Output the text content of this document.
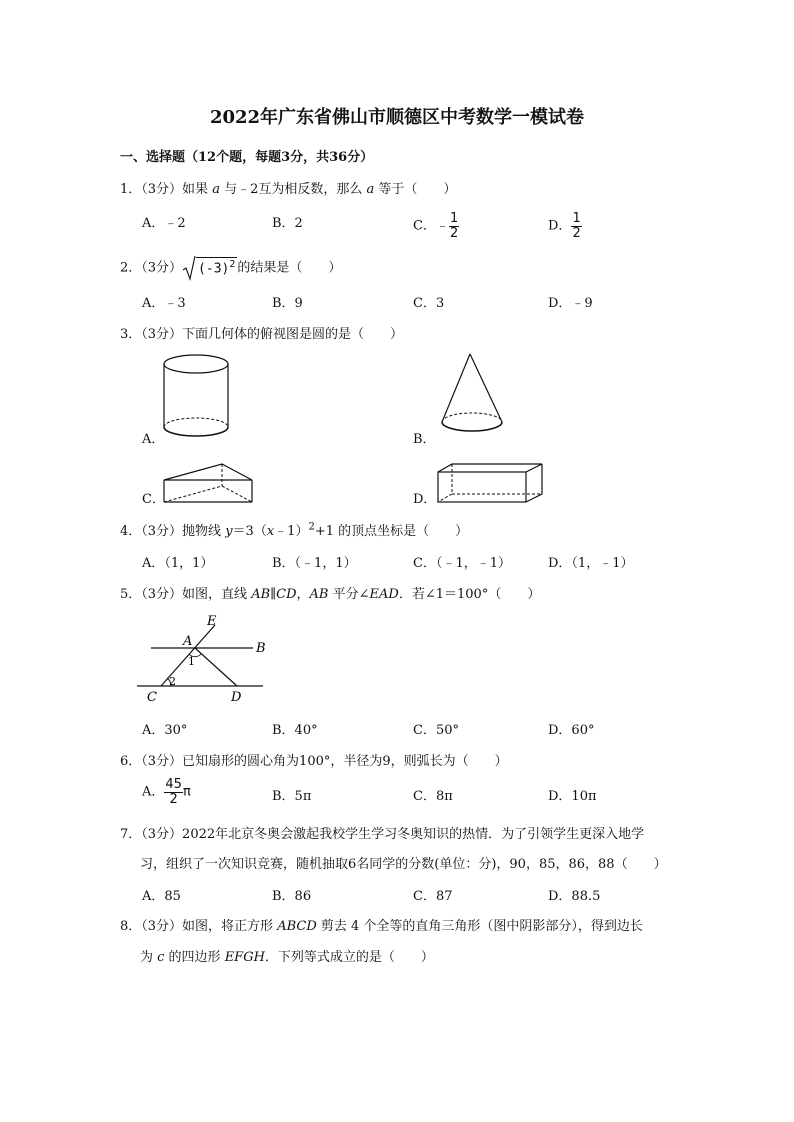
2022年广东省佛山市顺德区中考数学一模试卷
一、选择题（12个题，每题3分，共36分）
1．（3分）如果 a 与﹣2互为相反数，那么 a 等于（　　）
A．﹣2	B．2	C．﹣ $\frac{1}{2}$	D． $\frac{1}{2}$
2．（3分） $(-3)^2$ 的结果是（　　）
A．﹣3	B．9	C．3	D．﹣9
3．（3分）下面几何体的俯视图是圆的是（　　）
A．	B．
C．	D．
4．（3分）抛物线 y＝3（x﹣1）$^2$+1 的顶点坐标是（　　）
A．（1，1）	B．（﹣1，1）	C．（﹣1，﹣1）	D．（1，﹣1）
5．（3分）如图，直线 AB∥CD，AB 平分∠EAD．若∠1＝100°（　　）
E
A	B
1
2
C	D
A．30°	B．40°	C．50°	D．60°
6．（3分）已知扇形的圆心角为100°，半径为9，则弧长为（　　）
A． $\frac{45}{2}$ π	B．5π	C．8π	D．10π
7．（3分）2022年北京冬奥会激起我校学生学习冬奥知识的热情．为了引领学生更深入地学
习，组织了一次知识竞赛，随机抽取6名同学的分数(单位：分)，90，85，86，88（　　）
A．85	B．86	C．87	D．88.5
8．（3分）如图，将正方形 ABCD 剪去 4 个全等的直角三角形（图中阴影部分），得到边长
为 c 的四边形 EFGH．下列等式成立的是（　　）
